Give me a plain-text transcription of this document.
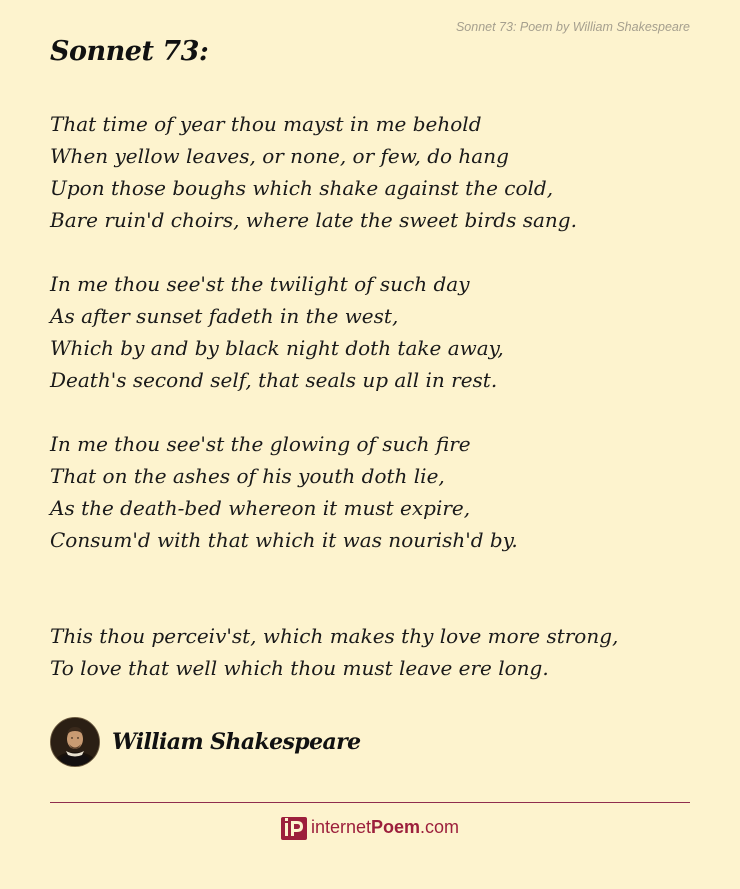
Sonnet 73: Poem by William Shakespeare
Sonnet 73:
That time of year thou mayst in me behold
When yellow leaves, or none, or few, do hang
Upon those boughs which shake against the cold,
Bare ruin'd choirs, where late the sweet birds sang.
In me thou see'st the twilight of such day
As after sunset fadeth in the west,
Which by and by black night doth take away,
Death's second self, that seals up all in rest.
In me thou see'st the glowing of such fire
That on the ashes of his youth doth lie,
As the death-bed whereon it must expire,
Consum'd with that which it was nourish'd by.
This thou perceiv'st, which makes thy love more strong,
To love that well which thou must leave ere long.
William Shakespeare
internetPoem.com
